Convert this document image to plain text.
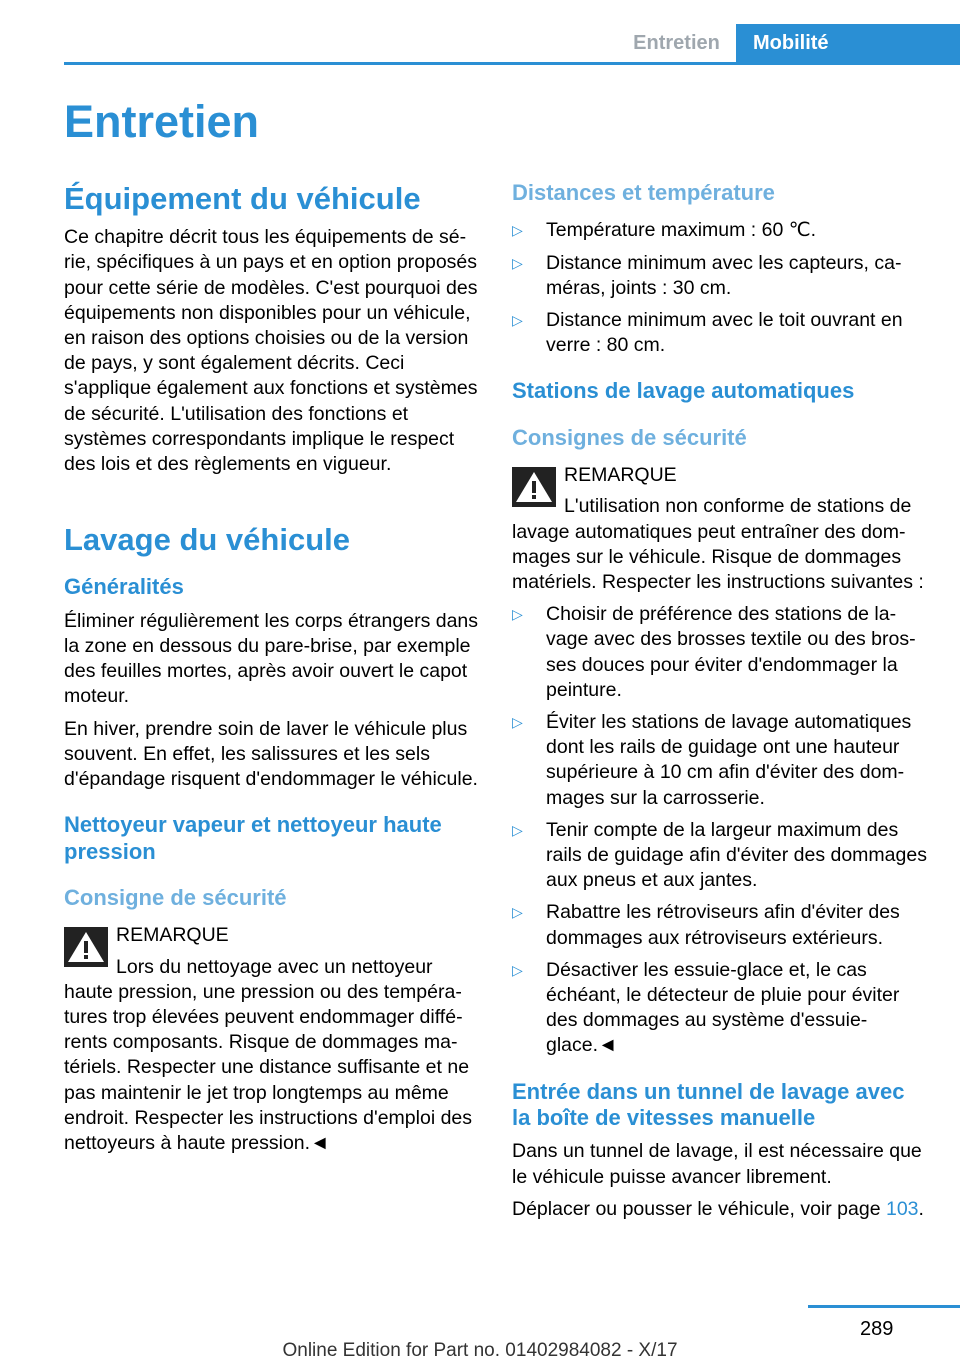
Entretien	Mobilité
Entretien
Équipement du véhicule

Ce chapitre décrit tous les équipements de série, spécifiques à un pays et en option proposés pour cette série de modèles. C'est pourquoi des équipements non disponibles pour un véhicule, en raison des options choisies ou de la version de pays, y sont également décrits. Ceci s'applique également aux fonctions et systèmes de sécurité. L'utilisation des fonctions et systèmes correspondants implique le respect des lois et des règlements en vigueur.

Lavage du véhicule
Généralités

Éliminer régulièrement les corps étrangers dans la zone en dessous du pare-brise, par exemple des feuilles mortes, après avoir ouvert le capot moteur.

En hiver, prendre soin de laver le véhicule plus souvent. En effet, les salissures et les sels d'épandage risquent d'endommager le véhicule.

Nettoyeur vapeur et nettoyeur haute pression
Consigne de sécurité
REMARQUE

Lors du nettoyage avec un nettoyeur
haute pression, une pression ou des températures trop élevées peuvent endommager différents composants. Risque de dommages matériels. Respecter une distance suffisante et ne pas maintenir le jet trop longtemps au même endroit. Respecter les instructions d'emploi des nettoyeurs à haute pression.◄

Distances et température
▷ Température maximum : 60 ℃.
▷ Distance minimum avec les capteurs, caméras, joints : 30 cm.
▷ Distance minimum avec le toit ouvrant en verre : 80 cm.
Stations de lavage automatiques
Consignes de sécurité
REMARQUE

L'utilisation non conforme de stations de
lavage automatiques peut entraîner des dommages sur le véhicule. Risque de dommages matériels. Respecter les instructions suivantes :

▷ Choisir de préférence des stations de lavage avec des brosses textile ou des brosses douces pour éviter d'endommager la peinture.
▷ Éviter les stations de lavage automatiques dont les rails de guidage ont une hauteur supérieure à 10 cm afin d'éviter des dommages sur la carrosserie.
▷ Tenir compte de la largeur maximum des rails de guidage afin d'éviter des dommages aux pneus et aux jantes.
▷ Rabattre les rétroviseurs afin d'éviter des dommages aux rétroviseurs extérieurs.
▷ Désactiver les essuie-glace et, le cas échéant, le détecteur de pluie pour éviter des dommages au système d'essuie-glace.◄
Entrée dans un tunnel de lavage avec la boîte de vitesses manuelle

Dans un tunnel de lavage, il est nécessaire que le véhicule puisse avancer librement.

Déplacer ou pousser le véhicule, voir page 103.

289
Online Edition for Part no. 01402984082 - X/17
